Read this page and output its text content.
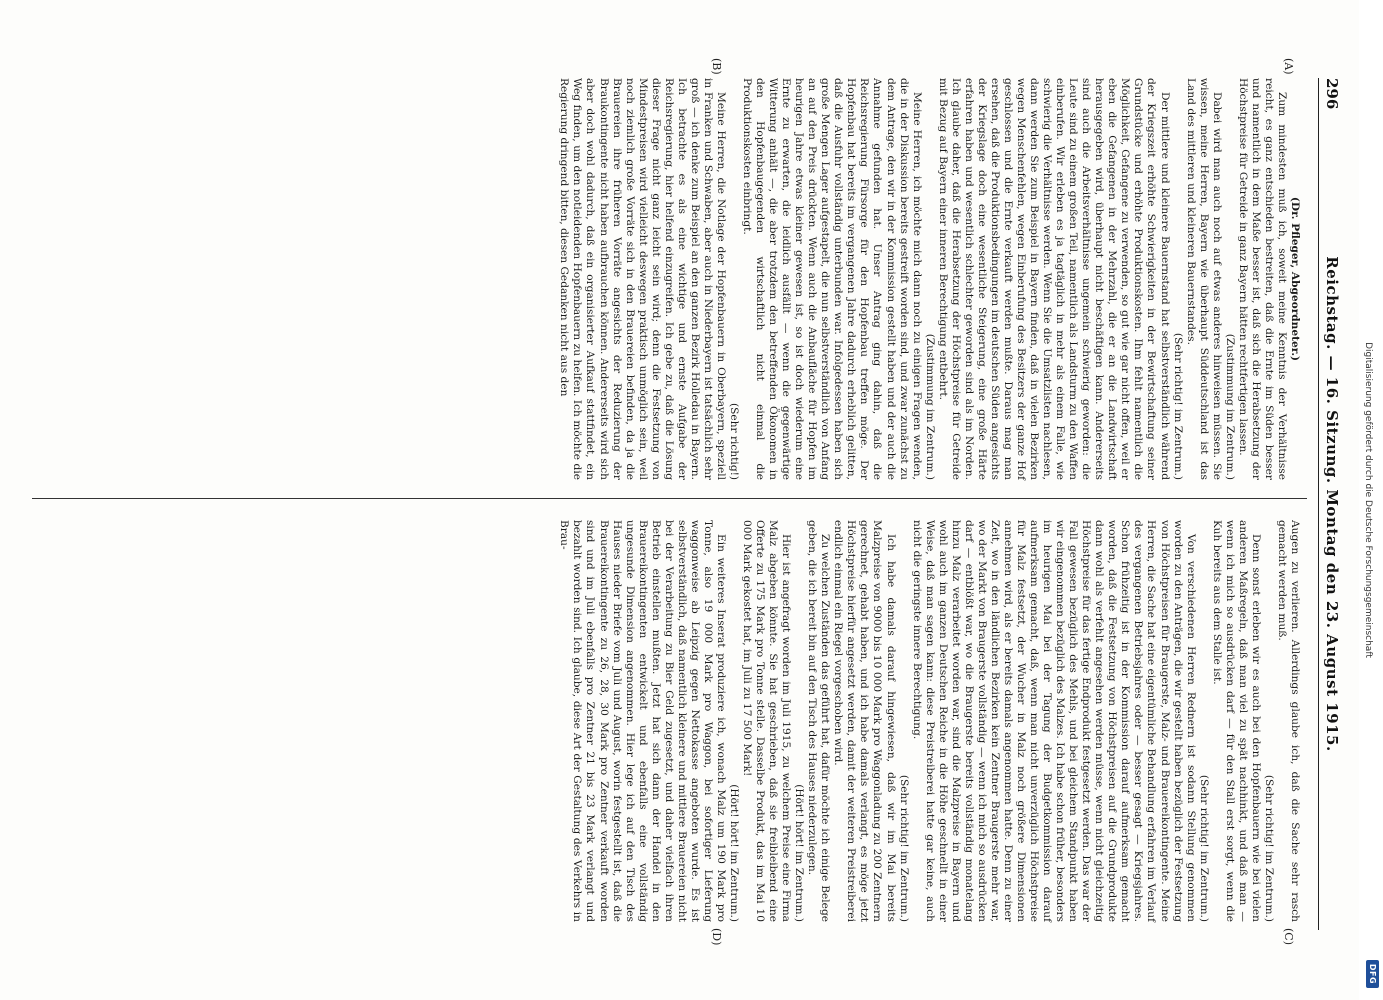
Digitalisierung gefördert durch die Deutsche Forschungsgemeinschaft
DFG
296
Reichstag. — 16. Sitzung. Montag den 23. August 1915.
(A)
(B)
(C)
(D)

(Dr. Pfleger, Abgeordneter.)

Zum mindesten muß ich, soweit meine Kenntnis der Verhältnisse reicht, es ganz entschieden bestreiten, daß die Ernte im Süden besser und namentlich in dem Maße besser ist, daß sich die Herabsetzung der Höchstpreise für Getreide in ganz Bayern hätten rechtfertigen lassen.

(Zustimmung im Zentrum.)

Dabei wird man auch noch auf etwas anderes hinweisen müssen. Sie wissen, meine Herren, Bayern wie überhaupt Süddeutschland ist das Land des mittleren und kleineren Bauernstandes.

(Sehr richtig! im Zentrum.)

Der mittlere und kleinere Bauernstand hat selbstverständlich während der Kriegszeit erhöhte Schwierigkeiten in der Bewirtschaftung seiner Grundstücke und erhöhte Produktionskosten. Ihm fehlt namentlich die Möglichkeit, Gefangene zu verwenden, so gut wie gar nicht offen, weil er eben die Gefangenen in der Mehrzahl, die er an die Landwirtschaft herausgegeben wird, überhaupt nicht beschäftigen kann. Andererseits sind auch die Arbeitsverhältnisse ungemein schwierig geworden: die Leute sind zu einem großen Teil, namentlich als Landsturm zu den Waffen einberufen. Wir erleben es ja tagtäglich in mehr als einem Falle, wie schwierig die Verhältnisse werden. Wenn Sie die Umsatzlisten nachlesen, dann werden Sie zum Beispiel in Bayern finden, daß in vielen Bezirken wegen Menschenfehlen, wegen Einberufung des Besitzers der ganze Hof geschlossen und die Ernte verkauft werden mußte. Daraus mag man ersehen, daß die Produktionsbedingungen im deutschen Süden angesichts der Kriegslage doch eine wesentliche Steigerung, eine große Härte erfahren haben und wesentlich schlechter geworden sind als im Norden. Ich glaube daher, daß die Herabsetzung der Höchstpreise für Getreide mit Bezug auf Bayern einer inneren Berechtigung entbehrt.

(Zustimmung im Zentrum.)

Meine Herren, ich möchte mich dann noch zu einigen Fragen wenden, die in der Diskussion bereits gestreift worden sind, und zwar zunächst zu dem Antrage, den wir in der Kommission gestellt haben und der auch die Annahme gefunden hat. Unser Antrag ging dahin, daß die Reichsregierung Fürsorge für den Hopfenbau treffen möge. Der Hopfenbau hat bereits im vergangenen Jahre dadurch erheblich gelitten, daß die Ausfuhr vollständig unterbunden war. Infolgedessen haben sich große Mengen Lager aufgestapelt, die nun selbstverständlich von Anfang an auf den Preis drückten. Wenn auch die Anbaufläche für Hopfen im heurigen Jahre etwas kleiner gewesen ist, so ist doch wiederum eine Ernte zu erwarten, die leidlich ausfällt — wenn die gegenwärtige Witterung anhält —, die aber trotzdem den betreffenden Ökonomen in den Hopfenbaugegenden wirtschaftlich nicht einmal die Produktionskosten einbringt.

(Sehr richtig!)

Meine Herren, die Notlage der Hopfenbauern in Oberbayern, speziell in Franken und Schwaben, aber auch in Niederbayern ist tatsächlich sehr groß — ich denke zum Beispiel an den ganzen Bezirk Holledau in Bayern. Ich betrachte es als eine wichtige und ernste Aufgabe der Reichsregierung, hier helfend einzugreifen. Ich gebe zu, daß die Lösung dieser Frage nicht ganz leicht sein wird; denn die Festsetzung von Mindestpreisen wird vielleicht deswegen praktisch unmöglich sein, weil noch ziemlich große Vorräte sich in den Brauereien befinden, da ja die Brauereien ihre früheren Vorräte angesichts der Reduzierung der Braukontingente nicht haben aufbrauchen können. Andererseits wird sich aber doch wohl dadurch, daß ein organisierter Aufkauf stattfindet, ein Weg finden, um den notleidenden Hopfenbauern zu helfen. Ich möchte die Regierung dringend bitten, diesen Gedanken nicht aus den

Augen zu verlieren. Allerdings glaube ich, daß die Sache sehr rasch gemacht werden muß.

(Sehr richtig! im Zentrum.)

Denn sonst erleben wir es auch bei den Hopfenbauern wie bei vielen anderen Maßregeln, daß man viel zu spät nachhinkt, und daß man — wenn ich mich so ausdrücken darf — für den Stall erst sorgt, wenn die Kuh bereits aus dem Stalle ist.

(Sehr richtig! im Zentrum.)

Von verschiedenen Herren Rednern ist sodann Stellung genommen worden zu den Anträgen, die wir gestellt haben bezüglich der Festsetzung von Höchstpreisen für Braugerste, Malz- und Brauereikontingente. Meine Herren, die Sache hat eine eigentümliche Behandlung erfahren im Verlauf des vergangenen Betriebsjahres oder — besser gesagt — Kriegsjahres. Schon frühzeitig ist in der Kommission darauf aufmerksam gemacht worden, daß die Festsetzung von Höchstpreisen auf die Grundprodukte dann wohl als verfehlt angesehen werden müsse, wenn nicht gleichzeitig Höchstpreise für das fertige Endprodukt festgesetzt werden. Das war der Fall gewesen bezüglich des Mehls, und bei gleichem Standpunkt haben wir eingenommen bezüglich des Malzes. Ich habe schon früher, besonders im heurigen Mai bei der Tagung der Budgetkommission darauf aufmerksam gemacht, daß, wenn man nicht unverzüglich Höchstpreise für Malz festsetzt, der Wucher in Malz noch größere Dimensionen annehmen wird, als er bereits damals angenommen hatte. Denn zu einer Zeit, wo in den ländlichen Bezirken kein Zentner Braugerste mehr war, wo der Markt von Braugerste vollständig — wenn ich mich so ausdrücken darf — entblößt war, wo die Braugerste bereits vollständig monatelang hinzu Malz verarbeitet worden war, sind die Malzpreise in Bayern und wohl auch im ganzen Deutschen Reiche in die Höhe geschnellt in einer Weise, daß man sagen kann: diese Preistreiberei hatte gar keine, auch nicht die geringste innere Berechtigung.

(Sehr richtig! im Zentrum.)

Ich habe damals darauf hingewiesen, daß wir im Mai bereits Malzpreise von 9000 bis 10 000 Mark pro Waggonladung zu 200 Zentnern gerechnet, gehabt haben, und ich habe damals verlangt, es möge jetzt Höchstpreise hierfür angesetzt werden, damit der weiteren Preistreiberei endlich einmal ein Riegel vorgeschoben wird.

Zu welchen Zuständen das geführt hat, dafür möchte ich einige Belege geben, die ich bereit bin auf den Tisch des Hauses niederzulegen.

(Hört! hört! im Zentrum.)

Hier ist angefragt worden im Juli 1915, zu welchem Preise eine Firma Malz abgeben könnte. Sie hat geschrieben, daß sie freibleibend eine Offerte zu 175 Mark pro Tonne stelle. Dasselbe Produkt, das im Mai 10 000 Mark gekostet hat, im Juli zu 17 500 Mark!

(Hört! hört! im Zentrum.)

Ein weiteres Inserat produziere ich, wonach Malz um 190 Mark pro Tonne, also 19 000 Mark pro Waggon, bei sofortiger Lieferung waggonweise ab Leipzig gegen Nettokasse angeboten wurde. Es ist selbstverständlich, daß namentlich kleinere und mittlere Brauereien nicht bei der Verarbeitung zu Bier Geld zugesetzt, und daher vielfach ihren Betrieb einstellen mußten. Jetzt hat sich dann der Handel in den Brauereikontingenten entwickelt und ebenfalls eine vollständig ungesunde Dimension angenommen. Hier lege ich auf den Tisch des Hauses nieder Briefe vom Juli und August, worin festgestellt ist, daß die Brauereikontingente zu 26, 28, 30 Mark pro Zentner verkauft worden sind und im Juli ebenfalls pro Zentner 21 bis 23 Mark verlangt und bezahlt worden sind. Ich glaube, diese Art der Gestaltung des Verkehrs in Brau-
